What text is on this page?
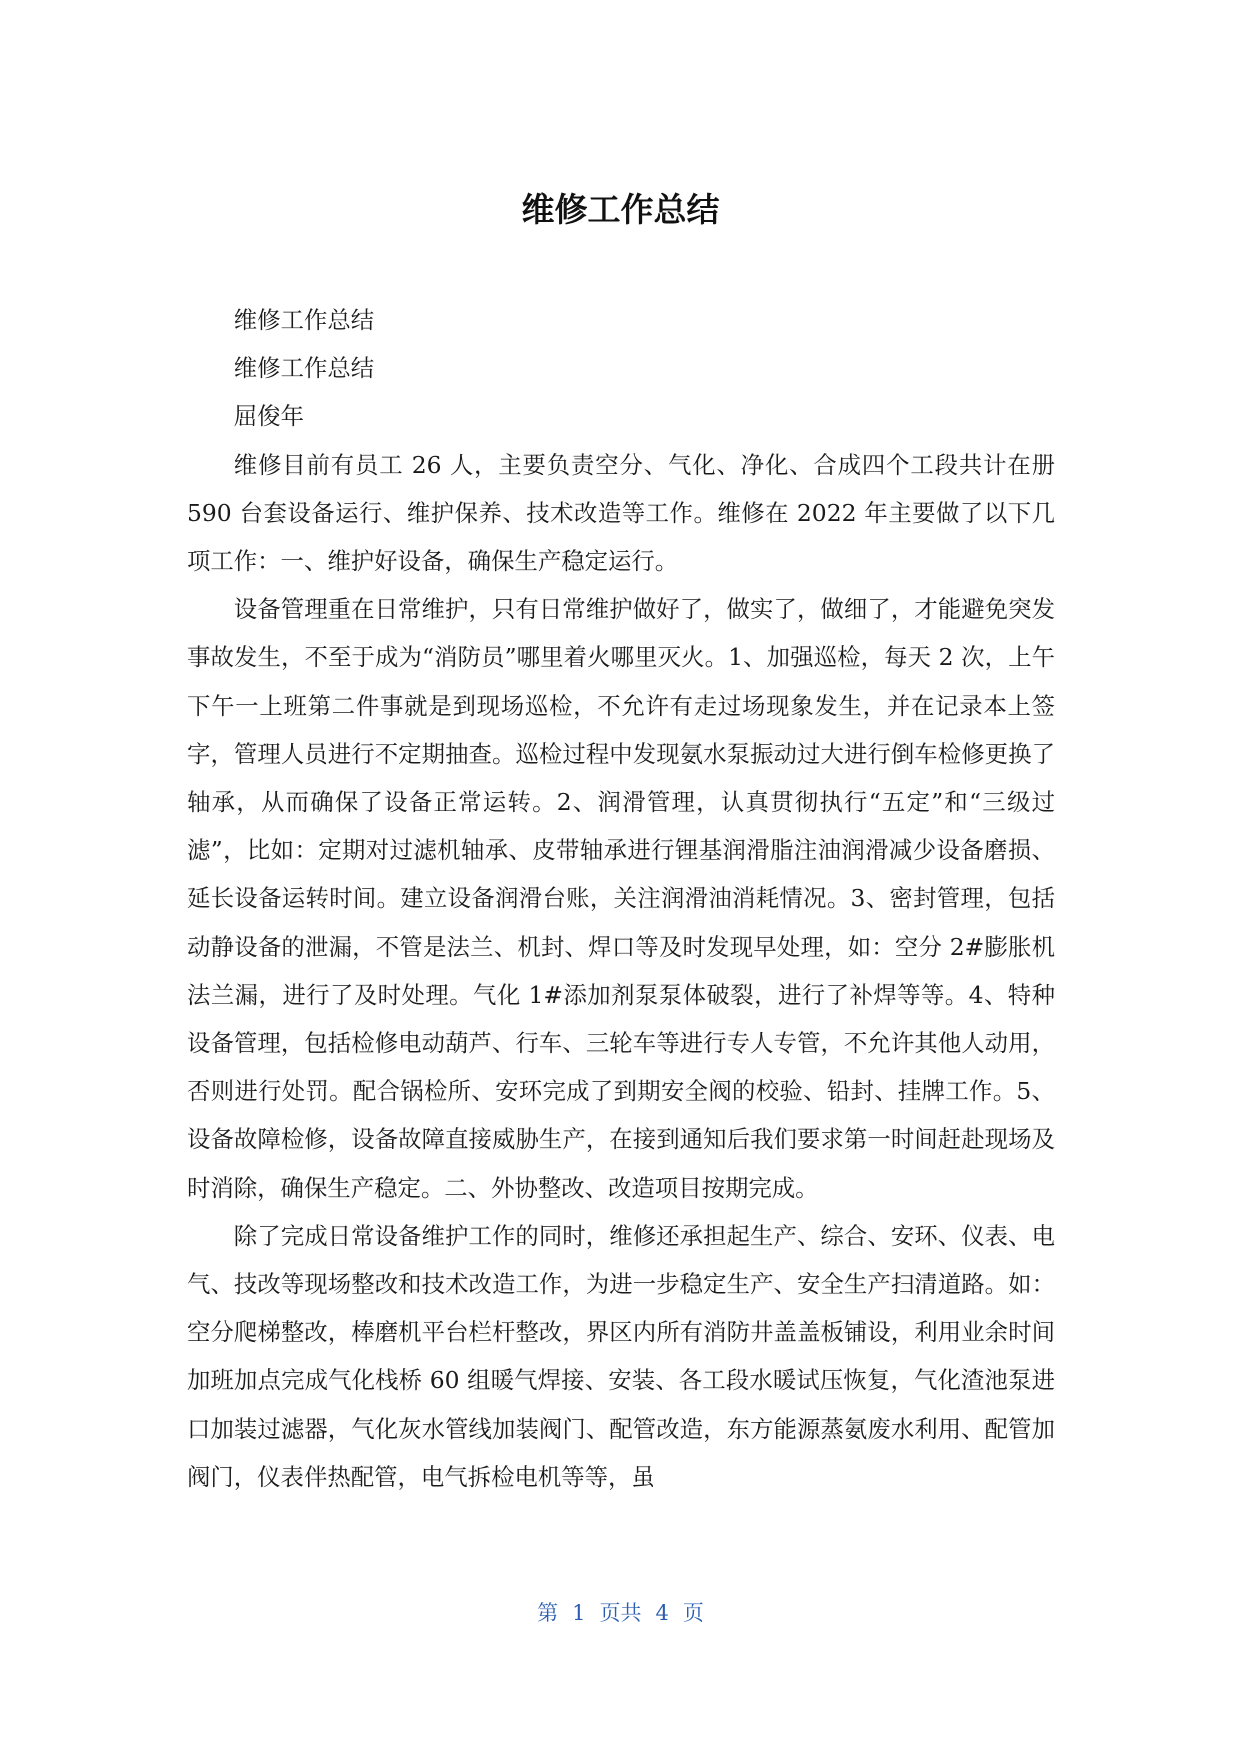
维修工作总结

维修工作总结

维修工作总结

屈俊年

维修目前有员工 26 人，主要负责空分、气化、净化、合成四个工段共计在册 590 台套设备运行、维护保养、技术改造等工作。维修在 2022 年主要做了以下几项工作：一、维护好设备，确保生产稳定运行。

设备管理重在日常维护，只有日常维护做好了，做实了，做细了，才能避免突发事故发生，不至于成为“消防员”哪里着火哪里灭火。1、加强巡检，每天 2 次，上午下午一上班第二件事就是到现场巡检，不允许有走过场现象发生，并在记录本上签字，管理人员进行不定期抽查。巡检过程中发现氨水泵振动过大进行倒车检修更换了轴承，从而确保了设备正常运转。2、润滑管理，认真贯彻执行“五定”和“三级过滤”，比如：定期对过滤机轴承、皮带轴承进行锂基润滑脂注油润滑减少设备磨损、延长设备运转时间。建立设备润滑台账，关注润滑油消耗情况。3、密封管理，包括动静设备的泄漏，不管是法兰、机封、焊口等及时发现早处理，如：空分 2#膨胀机法兰漏，进行了及时处理。气化 1#添加剂泵泵体破裂，进行了补焊等等。4、特种设备管理，包括检修电动葫芦、行车、三轮车等进行专人专管，不允许其他人动用，否则进行处罚。配合锅检所、安环完成了到期安全阀的校验、铅封、挂牌工作。5、设备故障检修，设备故障直接威胁生产，在接到通知后我们要求第一时间赶赴现场及时消除，确保生产稳定。二、外协整改、改造项目按期完成。

除了完成日常设备维护工作的同时，维修还承担起生产、综合、安环、仪表、电气、技改等现场整改和技术改造工作，为进一步稳定生产、安全生产扫清道路。如：空分爬梯整改，棒磨机平台栏杆整改，界区内所有消防井盖盖板铺设，利用业余时间加班加点完成气化栈桥 60 组暖气焊接、安装、各工段水暖试压恢复，气化渣池泵进口加装过滤器，气化灰水管线加装阀门、配管改造，东方能源蒸氨废水利用、配管加阀门，仪表伴热配管，电气拆检电机等等，虽

第 1 页共 4 页
